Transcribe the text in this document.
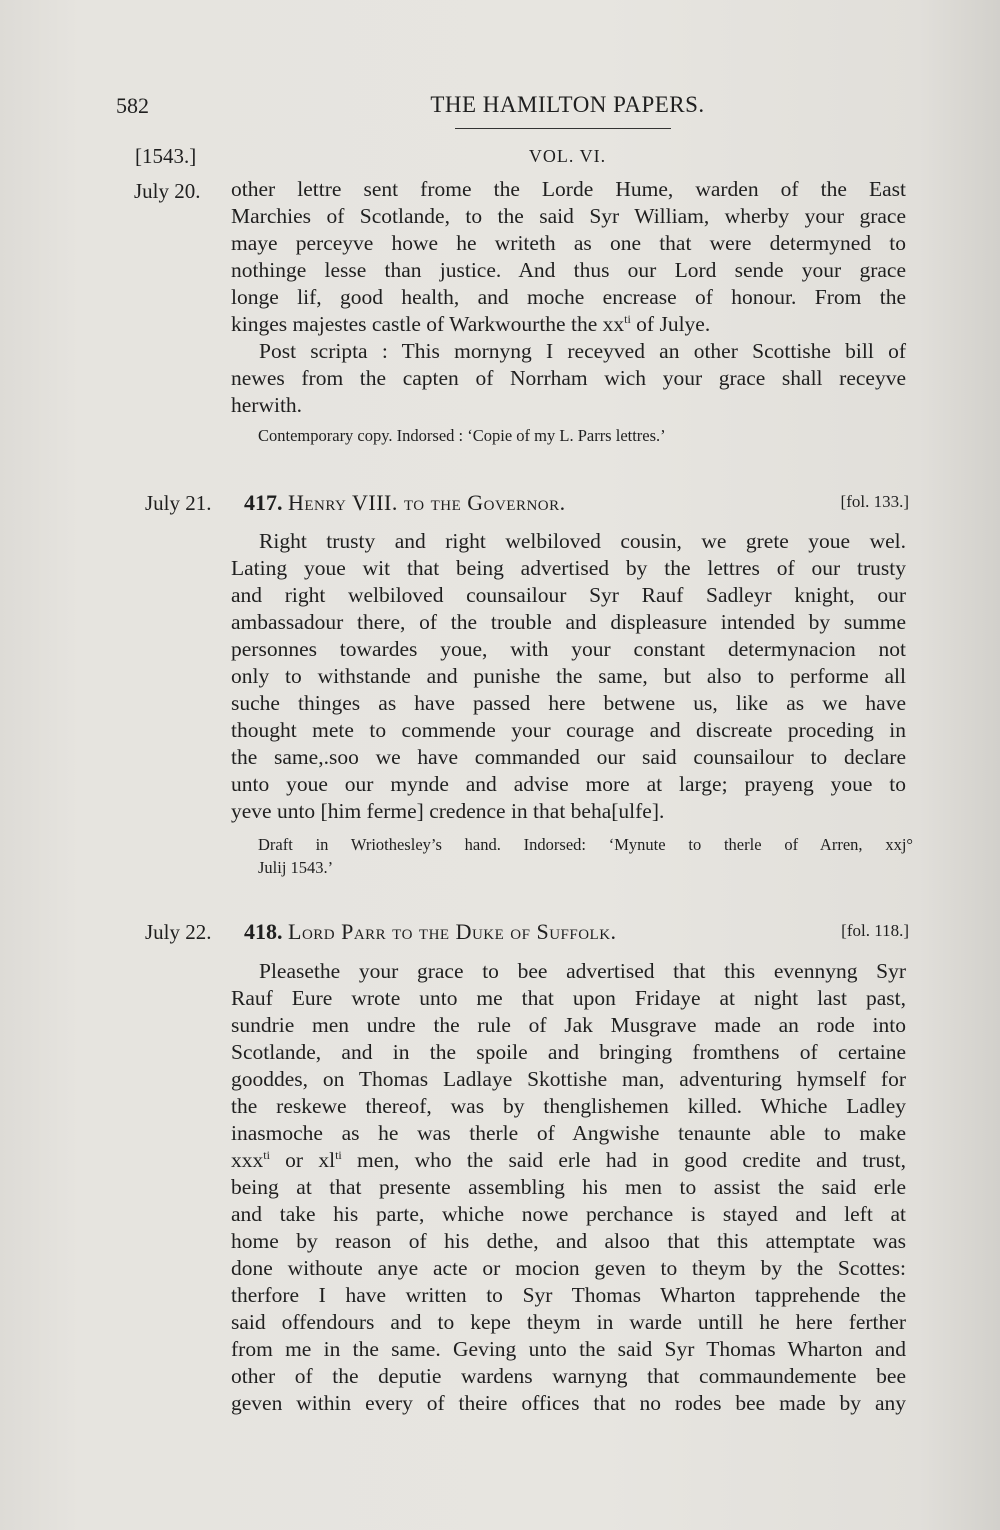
582	THE HAMILTON PAPERS.
[1543.]	VOL. VI.
July 20. other lettre sent frome the Lorde Hume, warden of the East
Marchies of Scotlande, to the said Syr William, wherby your grace
maye perceyve howe he writeth as one that were determyned to
nothinge lesse than justice. And thus our Lord sende your grace
longe lif, good health, and moche encrease of honour. From the
kinges majestes castle of Warkwourthe the $xx^{ti}$ of Julye.
Post scripta : This mornyng I receyved an other Scottishe bill of
newes from the capten of Norrham wich your grace shall receyve
herwith.
Contemporary copy. Indorsed : ‘Copie of my L. Parrs lettres.’
July 21. 417. Henry VIII. to the Governor.	[fol. 133.]
Right trusty and right welbiloved cousin, we grete youe wel.
Lating youe wit that being advertised by the lettres of our trusty
and right welbiloved counsailour Syr Rauf Sadleyr knight, our
ambassadour there, of the trouble and displeasure intended by summe
personnes towardes youe, with your constant determynacion not
only to withstande and punishe the same, but also to performe all
suche thinges as have passed here betwene us, like as we have
thought mete to commende your courage and discreate proceding in
the same,.soo we have commanded our said counsailour to declare
unto youe our mynde and advise more at large; prayeng youe to
yeve unto [him ferme] credence in that beha[ulfe].
Draft in Wriothesley’s hand. Indorsed: ‘Mynute to therle of Arren, xxj°
Julij 1543.’
July 22. 418. Lord Parr to the Duke of Suffolk.	[fol. 118.]
Pleasethe your grace to bee advertised that this evennyng Syr
Rauf Eure wrote unto me that upon Fridaye at night last past,
sundrie men undre the rule of Jak Musgrave made an rode into
Scotlande, and in the spoile and bringing fromthens of certaine
gooddes, on Thomas Ladlaye Skottishe man, adventuring hymself for
the reskewe thereof, was by thenglishemen killed. Whiche Ladley
inasmoche as he was therle of Angwishe tenaunte able to make
xxx$^{ti}$ or $xl^{ti}$ men, who the said erle had in good credite and trust,
being at that presente assembling his men to assist the said erle
and take his parte, whiche nowe perchance is stayed and left at
home by reason of his dethe, and alsoo that this attemptate was
done withoute anye acte or mocion geven to theym by the Scottes:
therfore I have written to Syr Thomas Wharton tapprehende the
said offendours and to kepe theym in warde untill he here ferther
from me in the same. Geving unto the said Syr Thomas Wharton and
other of the deputie wardens warnyng that commaundemente bee
geven within every of theire offices that no rodes bee made by any
